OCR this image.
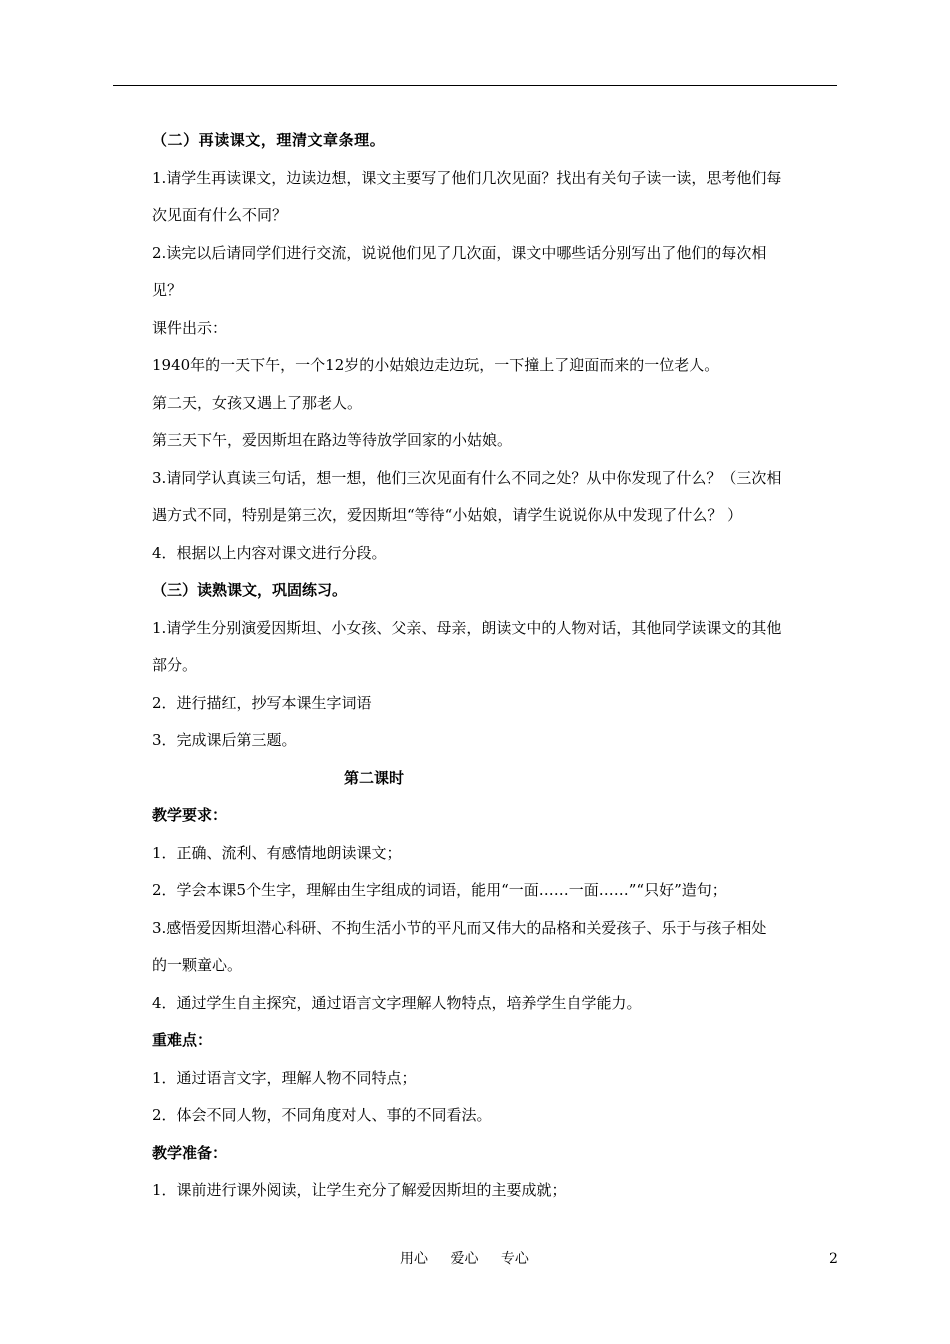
（二）再读课文，理清文章条理。
1.请学生再读课文，边读边想，课文主要写了他们几次见面？找出有关句子读一读，思考他们每
次见面有什么不同？
2.读完以后请同学们进行交流，说说他们见了几次面，课文中哪些话分别写出了他们的每次相
见？
课件出示：
1940年的一天下午，一个12岁的小姑娘边走边玩，一下撞上了迎面而来的一位老人。
第二天，女孩又遇上了那老人。
第三天下午，爱因斯坦在路边等待放学回家的小姑娘。
3.请同学认真读三句话，想一想，他们三次见面有什么不同之处？从中你发现了什么？（三次相
遇方式不同，特别是第三次，爱因斯坦“等待“小姑娘，请学生说说你从中发现了什么？ ）
4．根据以上内容对课文进行分段。
（三）读熟课文，巩固练习。
1.请学生分别演爱因斯坦、小女孩、父亲、母亲，朗读文中的人物对话，其他同学读课文的其他
部分。
2．进行描红，抄写本课生字词语
3．完成课后第三题。
第二课时
教学要求：
1．正确、流利、有感情地朗读课文；
2．学会本课5个生字，理解由生字组成的词语，能用“一面……一面……”“只好”造句；
3.感悟爱因斯坦潜心科研、不拘生活小节的平凡而又伟大的品格和关爱孩子、乐于与孩子相处
的一颗童心。
4．通过学生自主探究，通过语言文字理解人物特点，培养学生自学能力。
重难点：
1．通过语言文字，理解人物不同特点；
2．体会不同人物，不同角度对人、事的不同看法。
教学准备：
1．课前进行课外阅读，让学生充分了解爱因斯坦的主要成就；
用心 爱心 专心	2
